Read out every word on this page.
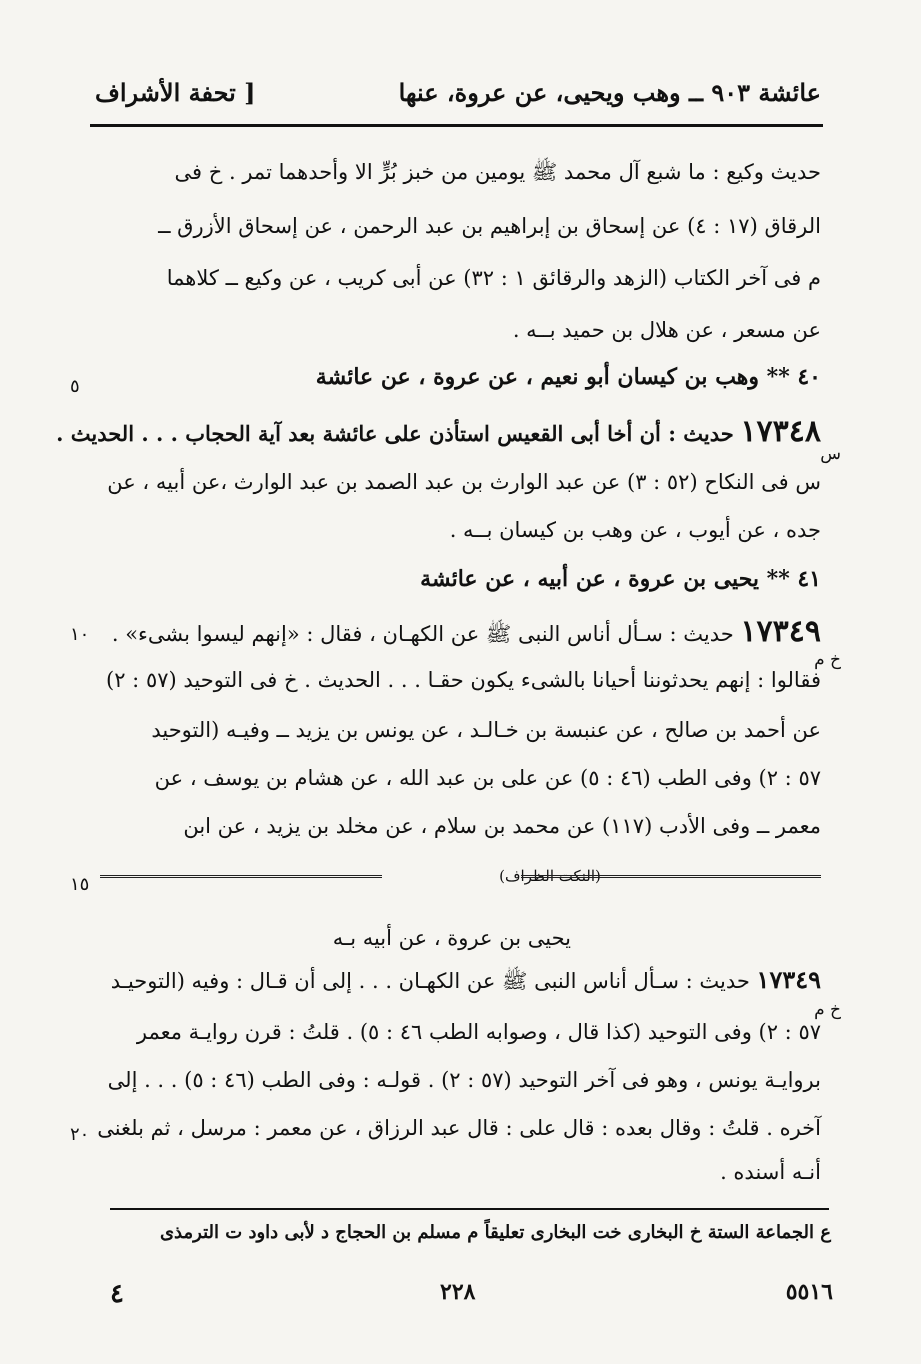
عائشة ٩٠٣ ــ وهب ويحيى، عن عروة، عنها
[ تحفة الأشراف
حديث وكيع : ما شبع آل محمد ﷺ يومين من خبز بُرٍّ الا وأحدهما تمر . خ فى
الرقاق (١٧ : ٤) عن إسحاق بن إبراهيم بن عبد الرحمن ، عن إسحاق الأزرق ــ
م فى آخر الكتاب (الزهد والرقائق ١ : ٣٢) عن أبى كريب ، عن وكيع ــ كلاهما
عن مسعر ، عن هلال بن حميد بــه .
٤٠ ** وهب بن كيسان أبو نعيم ، عن عروة ، عن عائشة
٥
١٧٣٤٨ حديث : أن أخا أبى القعيس استأذن على عائشة بعد آية الحجاب . . . الحديث .
س
س فى النكاح (٥٢ : ٣) عن عبد الوارث بن عبد الصمد بن عبد الوارث ،عن أبيه ، عن
جده ، عن أيوب ، عن وهب بن كيسان بــه .
٤١ ** يحيى بن عروة ، عن أبيه ، عن عائشة
١٧٣٤٩ حديث : سـأل أناس النبى ﷺ عن الكهـان ، فقال : «إنهم ليسوا بشىء» .
١٠
خ م
فقالوا : إنهم يحدثوننا أحيانا بالشىء يكون حقـا . . . الحديث . خ فى التوحيد (٥٧ : ٢)
عن أحمد بن صالح ، عن عنبسة بن خـالـد ، عن يونس بن يزيد ــ وفيـه (التوحيد
٥٧ : ٢) وفى الطب (٤٦ : ٥) عن على بن عبد الله ، عن هشام بن يوسف ، عن
معمر ــ وفى الأدب (١١٧) عن محمد بن سلام ، عن مخلد بن يزيد ، عن ابن
(النكت الظراف)
١٥
يحيى بن عروة ، عن أبيه بـه
١٧٣٤٩ حديث : سـأل أناس النبى ﷺ عن الكهـان . . . إلى أن قـال : وفيه (التوحيـد
خ م
٥٧ : ٢) وفى التوحيد (كذا قال ، وصوابه الطب ٤٦ : ٥) . قلتُ : قرن روايـة معمر
بروايـة يونس ، وهو فى آخر التوحيد (٥٧ : ٢) . قولـه : وفى الطب (٤٦ : ٥) . . . إلى
آخره . قلتُ : وقال بعده : قال على : قال عبد الرزاق ، عن معمر : مرسل ، ثم بلغنى
٢٠
أنـه أسنده .
ع الجماعة الستة خ البخارى خت البخارى تعليقاً م مسلم بن الحجاج د لأبى داود ت الترمذى
٥٥١٦
٢٢٨
٤
